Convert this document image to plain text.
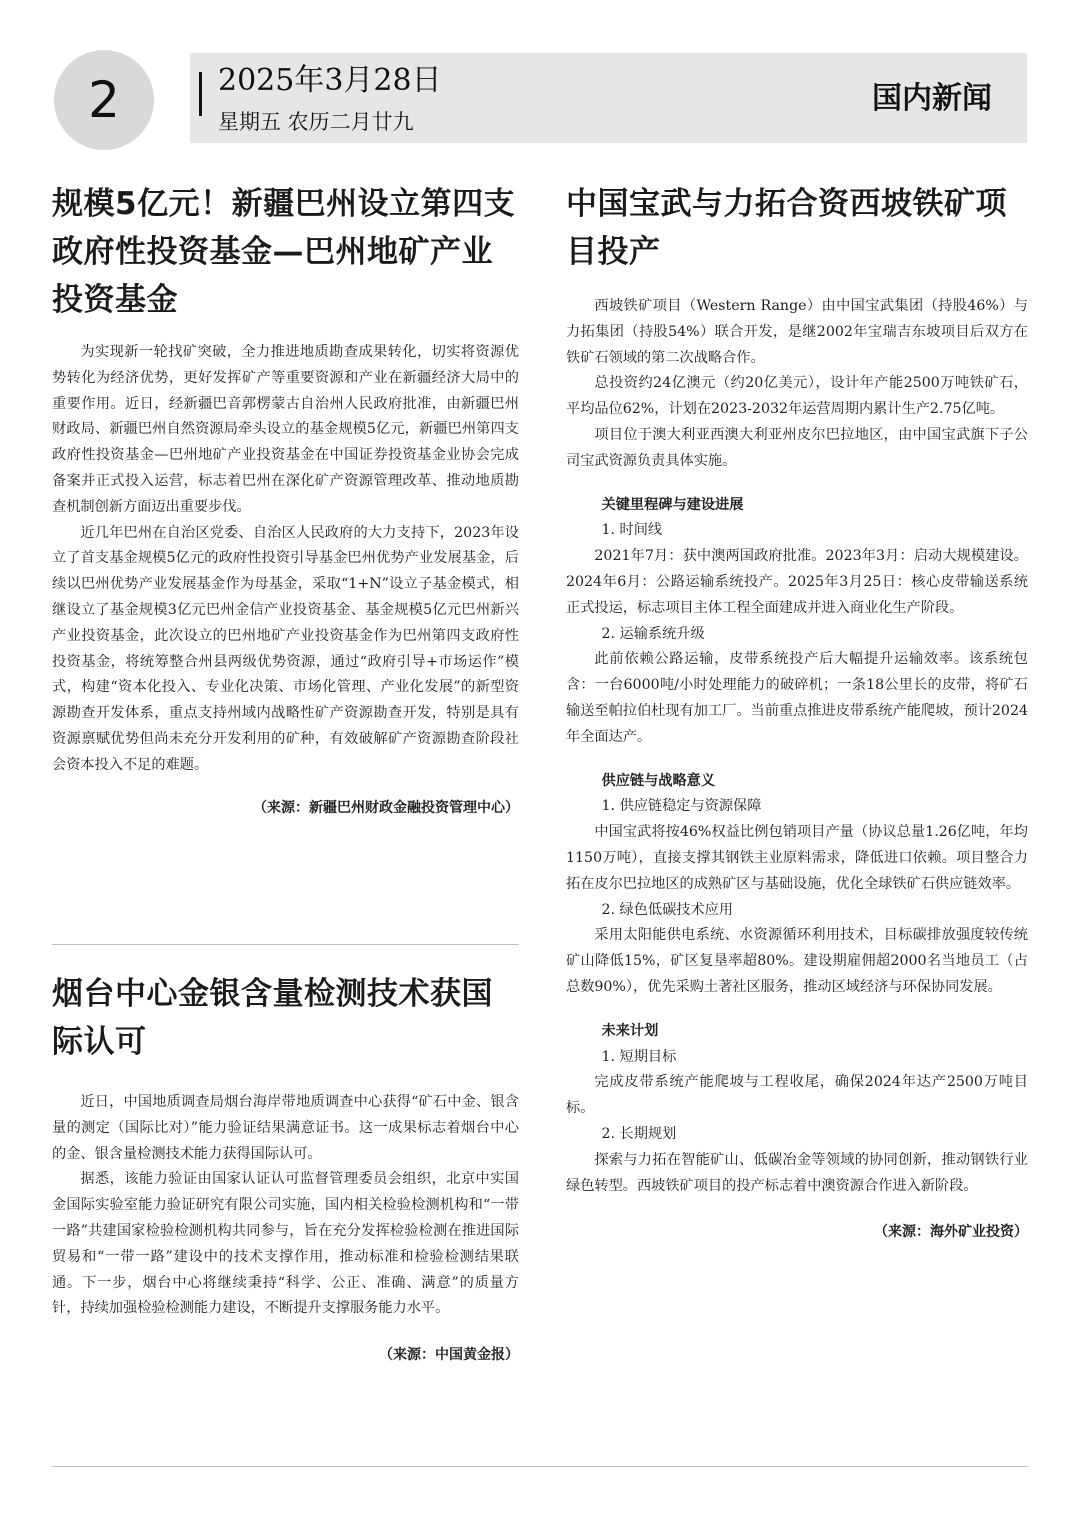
2	2025年3月28日
星期五 农历二月廿九
国内新闻
规模5亿元！新疆巴州设立第四支政府性投资基金—巴州地矿产业投资基金

为实现新一轮找矿突破，全力推进地质勘查成果转化，切实将资源优势转化为经济优势，更好发挥矿产等重要资源和产业在新疆经济大局中的重要作用。近日，经新疆巴音郭楞蒙古自治州人民政府批准，由新疆巴州财政局、新疆巴州自然资源局牵头设立的基金规模5亿元，新疆巴州第四支政府性投资基金—巴州地矿产业投资基金在中国证券投资基金业协会完成备案并正式投入运营，标志着巴州在深化矿产资源管理改革、推动地质勘查机制创新方面迈出重要步伐。

近几年巴州在自治区党委、自治区人民政府的大力支持下，2023年设立了首支基金规模5亿元的政府性投资引导基金巴州优势产业发展基金，后续以巴州优势产业发展基金作为母基金，采取“1+N”设立子基金模式，相继设立了基金规模3亿元巴州金信产业投资基金、基金规模5亿元巴州新兴产业投资基金，此次设立的巴州地矿产业投资基金作为巴州第四支政府性投资基金，将统筹整合州县两级优势资源，通过“政府引导+市场运作”模式，构建“资本化投入、专业化决策、市场化管理、产业化发展”的新型资源勘查开发体系，重点支持州域内战略性矿产资源勘查开发，特别是具有资源禀赋优势但尚未充分开发利用的矿种，有效破解矿产资源勘查阶段社会资本投入不足的难题。

（来源：新疆巴州财政金融投资管理中心）
烟台中心金银含量检测技术获国际认可

近日，中国地质调查局烟台海岸带地质调查中心获得“矿石中金、银含量的测定（国际比对）”能力验证结果满意证书。这一成果标志着烟台中心的金、银含量检测技术能力获得国际认可。

据悉，该能力验证由国家认证认可监督管理委员会组织，北京中实国金国际实验室能力验证研究有限公司实施，国内相关检验检测机构和“一带一路”共建国家检验检测机构共同参与，旨在充分发挥检验检测在推进国际贸易和“一带一路”建设中的技术支撑作用，推动标准和检验检测结果联通。下一步，烟台中心将继续秉持“科学、公正、准确、满意”的质量方针，持续加强检验检测能力建设，不断提升支撑服务能力水平。

（来源：中国黄金报）
中国宝武与力拓合资西坡铁矿项目投产

西坡铁矿项目（Western Range）由中国宝武集团（持股46%）与力拓集团（持股54%）联合开发，是继2002年宝瑞吉东坡项目后双方在铁矿石领域的第二次战略合作。

总投资约24亿澳元（约20亿美元），设计年产能2500万吨铁矿石，平均品位62%，计划在2023-2032年运营周期内累计生产2.75亿吨。

项目位于澳大利亚西澳大利亚州皮尔巴拉地区，由中国宝武旗下子公司宝武资源负责具体实施。

关键里程碑与建设进展

1. 时间线

2021年7月：获中澳两国政府批准。2023年3月：启动大规模建设。2024年6月：公路运输系统投产。2025年3月25日：核心皮带输送系统正式投运，标志项目主体工程全面建成并进入商业化生产阶段。

2. 运输系统升级

此前依赖公路运输，皮带系统投产后大幅提升运输效率。该系统包含：一台6000吨/小时处理能力的破碎机；一条18公里长的皮带，将矿石输送至帕拉伯杜现有加工厂。当前重点推进皮带系统产能爬坡，预计2024年全面达产。

供应链与战略意义

1. 供应链稳定与资源保障

中国宝武将按46%权益比例包销项目产量（协议总量1.26亿吨，年均1150万吨），直接支撑其钢铁主业原料需求，降低进口依赖。项目整合力拓在皮尔巴拉地区的成熟矿区与基础设施，优化全球铁矿石供应链效率。

2. 绿色低碳技术应用

采用太阳能供电系统、水资源循环利用技术，目标碳排放强度较传统矿山降低15%，矿区复垦率超80%。建设期雇佣超2000名当地员工（占总数90%），优先采购土著社区服务，推动区域经济与环保协同发展。

未来计划

1. 短期目标

完成皮带系统产能爬坡与工程收尾，确保2024年达产2500万吨目标。

2. 长期规划

探索与力拓在智能矿山、低碳冶金等领域的协同创新，推动钢铁行业绿色转型。西坡铁矿项目的投产标志着中澳资源合作进入新阶段。

（来源：海外矿业投资）
